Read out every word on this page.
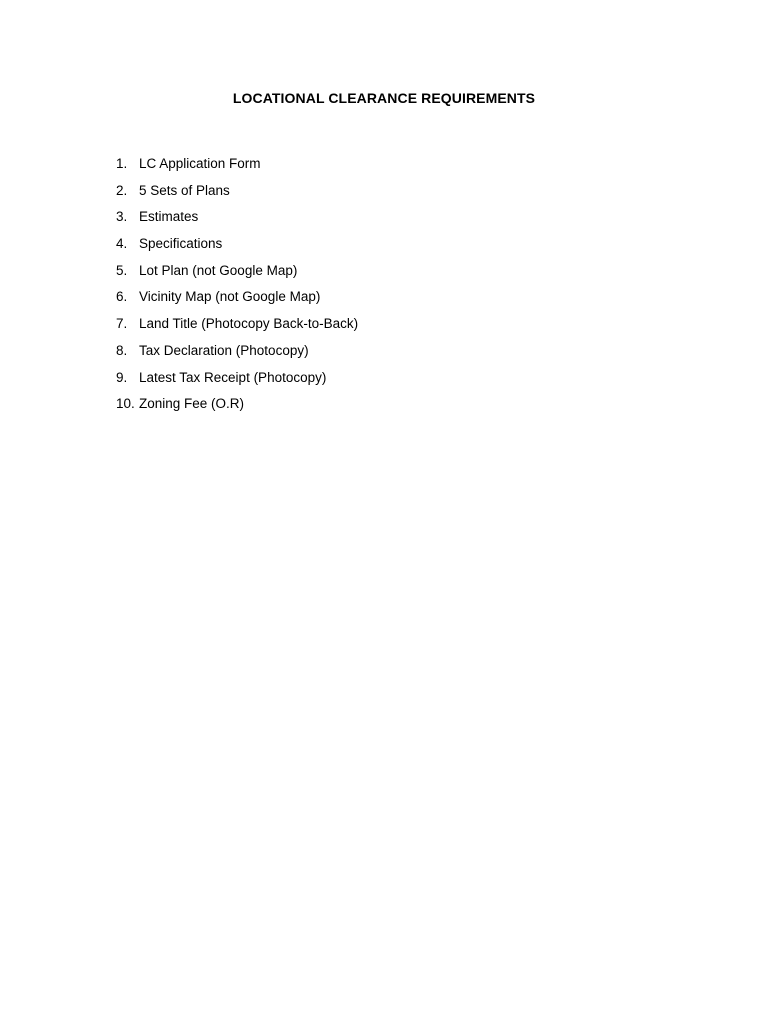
LOCATIONAL CLEARANCE REQUIREMENTS
1. LC Application Form
2. 5 Sets of Plans
3. Estimates
4. Specifications
5. Lot Plan (not Google Map)
6. Vicinity Map (not Google Map)
7. Land Title (Photocopy Back-to-Back)
8. Tax Declaration (Photocopy)
9. Latest Tax Receipt (Photocopy)
10. Zoning Fee (O.R)
